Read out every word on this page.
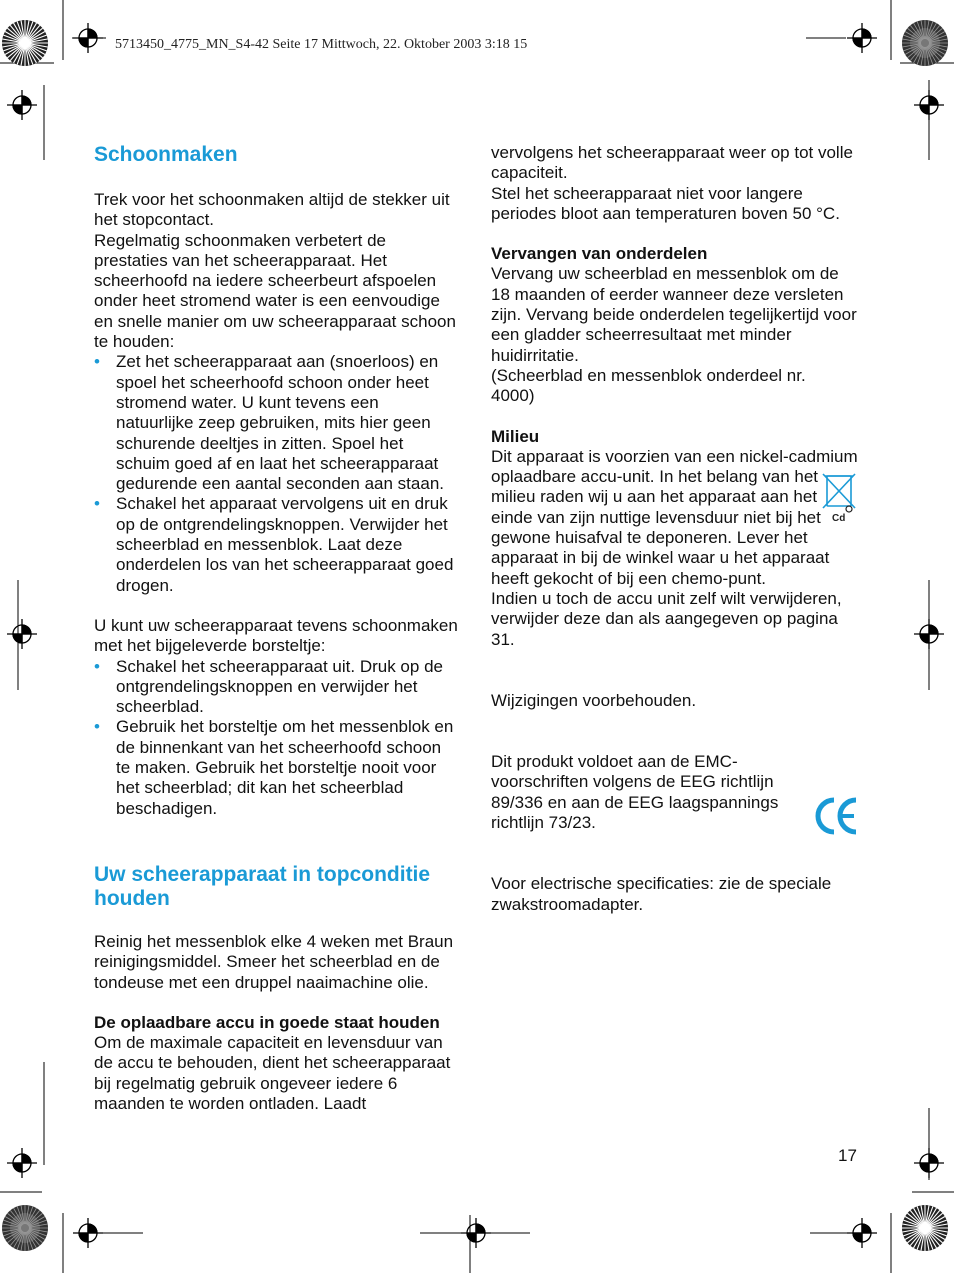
5713450_4775_MN_S4-42 Seite 17 Mittwoch, 22. Oktober 2003 3:18 15
Schoonmaken

Trek voor het schoonmaken altijd de stekker uit het stopcontact.

Regelmatig schoonmaken verbetert de prestaties van het scheerapparaat. Het scheerhoofd na iedere scheerbeurt afspoelen onder heet stromend water is een eenvoudige en snelle manier om uw scheerapparaat schoon te houden:

• Zet het scheerapparaat aan (snoerloos) en spoel het scheerhoofd schoon onder heet stromend water. U kunt tevens een natuurlijke zeep gebruiken, mits hier geen schurende deeltjes in zitten. Spoel het schuim goed af en laat het scheerapparaat gedurende een aantal seconden aan staan.
• Schakel het apparaat vervolgens uit en druk op de ontgrendelingsknoppen. Verwijder het scheerblad en messenblok. Laat deze onderdelen los van het scheerapparaat goed drogen.

U kunt uw scheerapparaat tevens schoonmaken met het bijgeleverde borsteltje:

• Schakel het scheerapparaat uit. Druk op de ontgrendelingsknoppen en verwijder het scheerblad.
• Gebruik het borsteltje om het messenblok en de binnenkant van het scheerhoofd schoon te maken. Gebruik het borsteltje nooit voor het scheerblad; dit kan het scheerblad beschadigen.
Uw scheerapparaat in topconditie houden

Reinig het messenblok elke 4 weken met Braun reinigingsmiddel. Smeer het scheerblad en de tondeuse met een druppel naaimachine olie.

De oplaadbare accu in goede staat houden

Om de maximale capaciteit en levensduur van de accu te behouden, dient het scheerapparaat bij regelmatig gebruik ongeveer iedere 6 maanden te worden ontladen. Laadt

vervolgens het scheerapparaat weer op tot volle capaciteit.

Stel het scheerapparaat niet voor langere periodes bloot aan temperaturen boven 50 °C.

Vervangen van onderdelen

Vervang uw scheerblad en messenblok om de 18 maanden of eerder wanneer deze versleten zijn. Vervang beide onderdelen tegelijkertijd voor een gladder scheerresultaat met minder huidirritatie.

(Scheerblad en messenblok onderdeel nr. 4000)

Milieu

Dit apparaat is voorzien van een nickel-cadmium oplaadbare accu-unit. In het belang van het milieu raden wij u aan het apparaat aan het einde van zijn nuttige levensduur niet bij het gewone huisafval te deponeren. Lever het apparaat in bij de winkel waar u het apparaat heeft gekocht of bij een chemo-punt.

Indien u toch de accu unit zelf wilt verwijderen, verwijder deze dan als aangegeven op pagina 31.

Wijzigingen voorbehouden.

Dit produkt voldoet aan de EMC-voorschriften volgens de EEG richtlijn 89/336 en aan de EEG laagspannings richtlijn 73/23.

Voor electrische specificaties: zie de speciale zwakstroomadapter.

Cd
17
